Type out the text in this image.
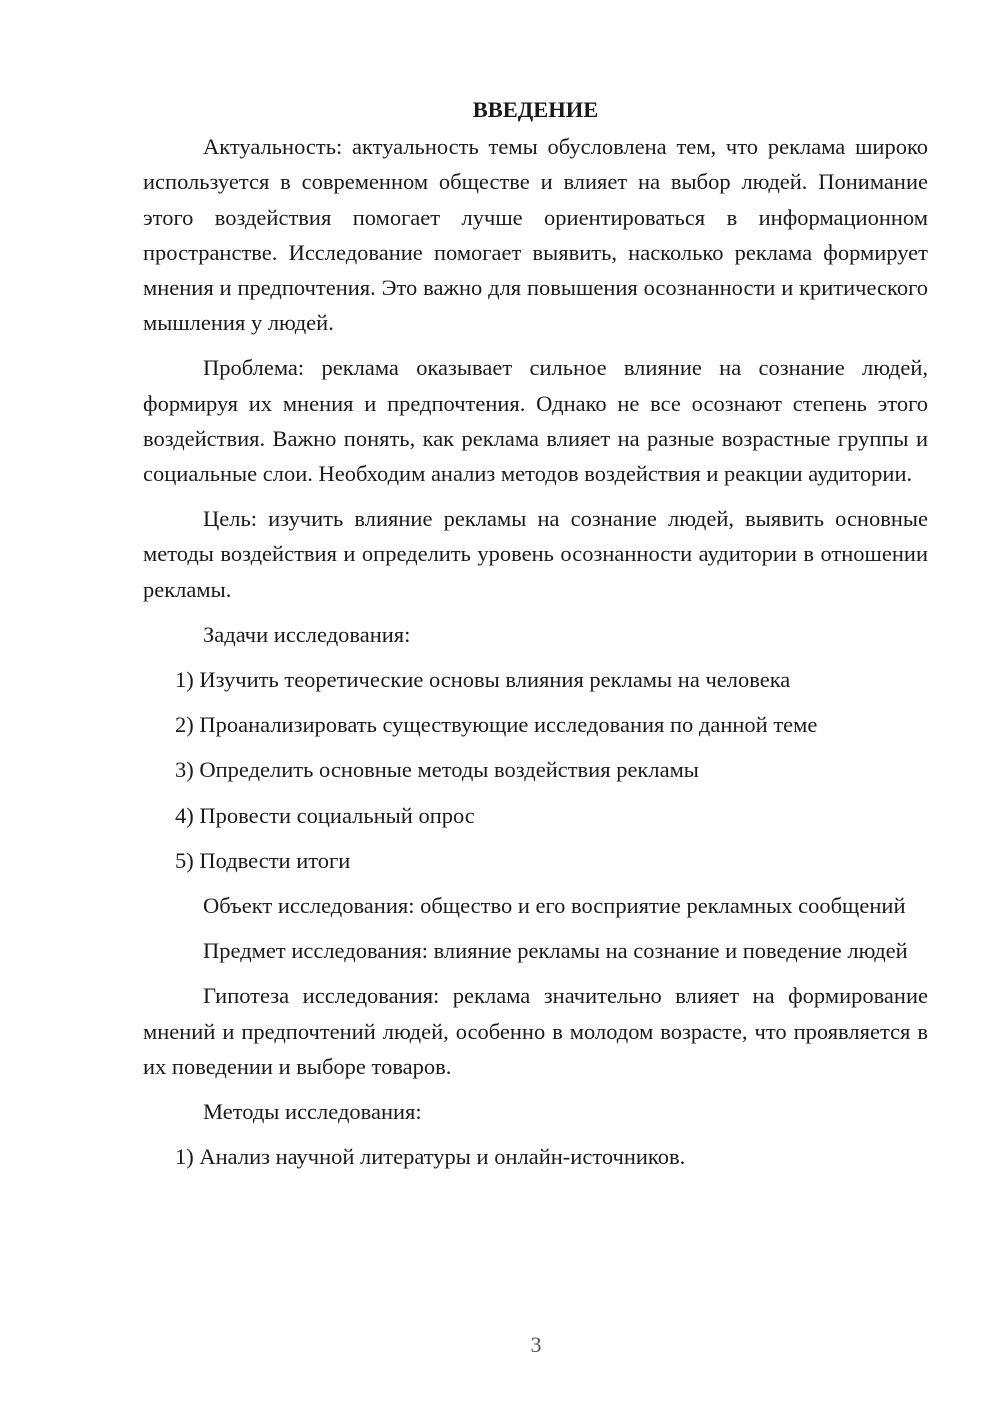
ВВЕДЕНИЕ

Актуальность: актуальность темы обусловлена тем, что реклама широко используется в современном обществе и влияет на выбор людей. Понимание этого воздействия помогает лучше ориентироваться в информационном пространстве. Исследование помогает выявить, насколько реклама формирует мнения и предпочтения. Это важно для повышения осознанности и критического мышления у людей.

Проблема: реклама оказывает сильное влияние на сознание людей, формируя их мнения и предпочтения. Однако не все осознают степень этого воздействия. Важно понять, как реклама влияет на разные возрастные группы и социальные слои. Необходим анализ методов воздействия и реакции аудитории.

Цель: изучить влияние рекламы на сознание людей, выявить основные методы воздействия и определить уровень осознанности аудитории в отношении рекламы.

Задачи исследования:

1) Изучить теоретические основы влияния рекламы на человека

2) Проанализировать существующие исследования по данной теме

3) Определить основные методы воздействия рекламы

4) Провести социальный опрос

5) Подвести итоги

Объект исследования: общество и его восприятие рекламных сообщений

Предмет исследования: влияние рекламы на сознание и поведение людей

Гипотеза исследования: реклама значительно влияет на формирование мнений и предпочтений людей, особенно в молодом возрасте, что проявляется в их поведении и выборе товаров.

Методы исследования:

1) Анализ научной литературы и онлайн-источников.

3
